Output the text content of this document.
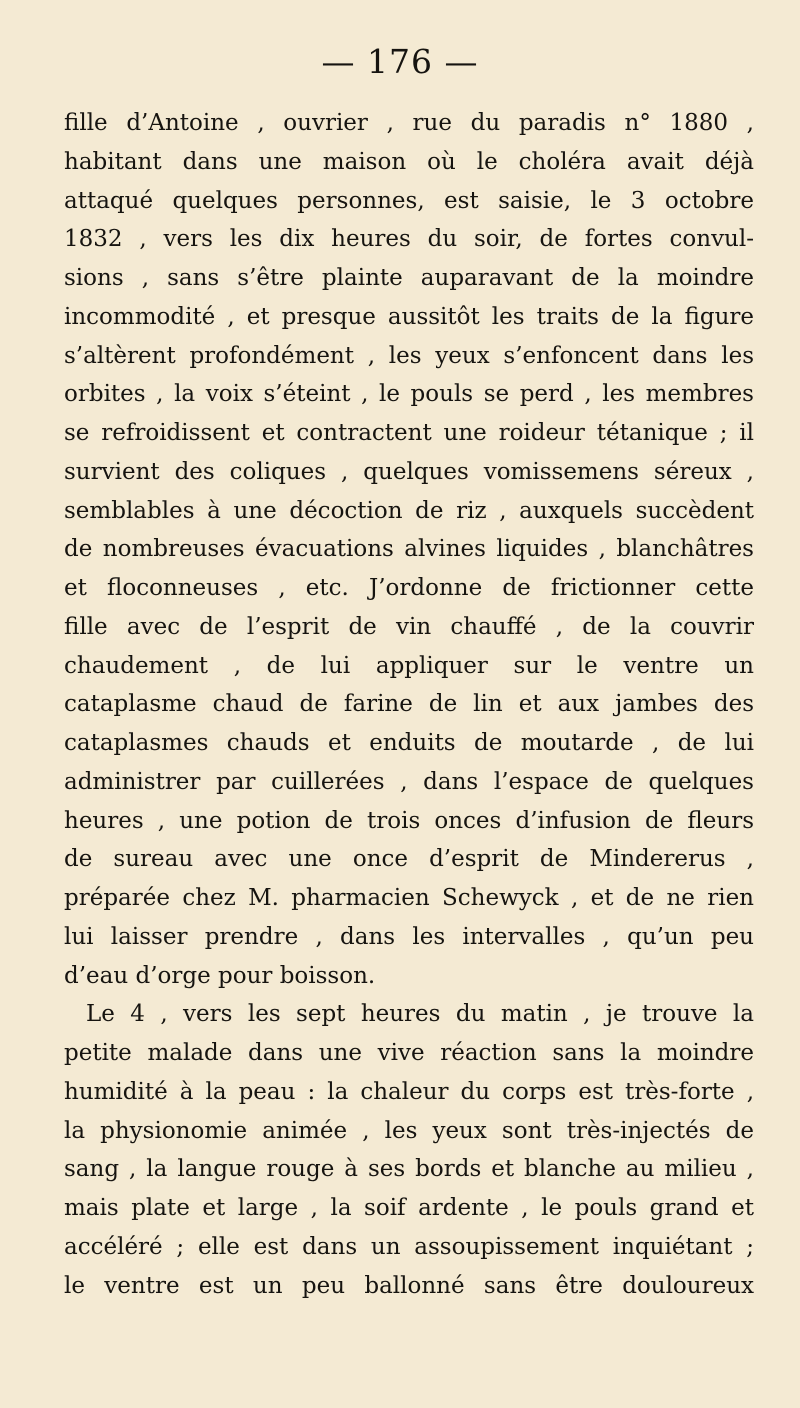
— 176 —
fille d’Antoine , ouvrier , rue du paradis n° 1880 ,
habitant dans une maison où le choléra avait déjà
attaqué quelques personnes, est saisie, le 3 octobre
1832 , vers les dix heures du soir, de fortes convul-
sions , sans s’être plainte auparavant de la moindre
incommodité , et presque aussitôt les traits de la figure
s’altèrent profondément , les yeux s’enfoncent dans les
orbites , la voix s’éteint , le pouls se perd , les membres
se refroidissent et contractent une roideur tétanique ; il
survient des coliques , quelques vomissemens séreux ,
semblables à une décoction de riz , auxquels succèdent
de nombreuses évacuations alvines liquides , blanchâtres
et floconneuses , etc. J’ordonne de frictionner cette
fille avec de l’esprit de vin chauffé , de la couvrir
chaudement , de lui appliquer sur le ventre un
cataplasme chaud de farine de lin et aux jambes des
cataplasmes chauds et enduits de moutarde , de lui
administrer par cuillerées , dans l’espace de quelques
heures , une potion de trois onces d’infusion de fleurs
de sureau avec une once d’esprit de Mindererus ,
préparée chez M. pharmacien Schewyck , et de ne rien
lui laisser prendre , dans les intervalles , qu’un peu
d’eau d’orge pour boisson.
Le 4 , vers les sept heures du matin , je trouve la
petite malade dans une vive réaction sans la moindre
humidité à la peau : la chaleur du corps est très-forte ,
la physionomie animée , les yeux sont très-injectés de
sang , la langue rouge à ses bords et blanche au milieu ,
mais plate et large , la soif ardente , le pouls grand et
accéléré ; elle est dans un assoupissement inquiétant ;
le ventre est un peu ballonné sans être douloureux
